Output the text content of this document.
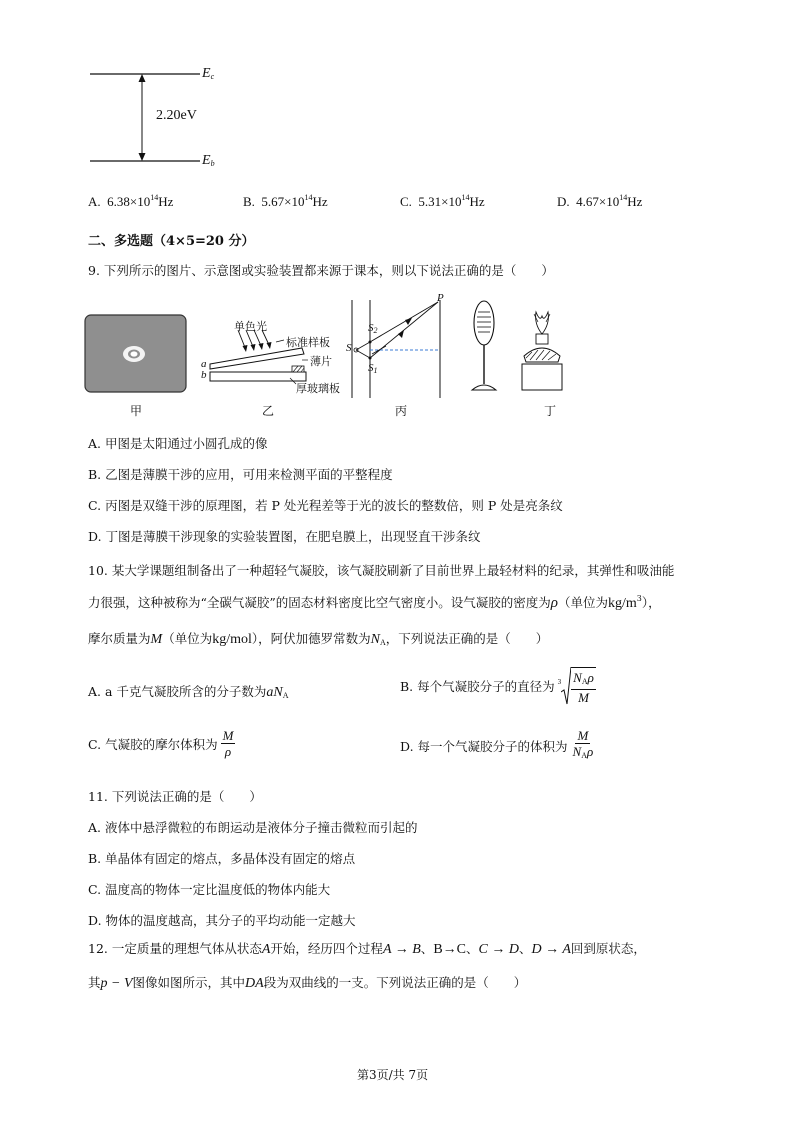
$E_c$
$E_b$
2.20eV
A. $6.38\times 10^{14}Hz$	B. $5.67\times 10^{14}Hz$	C. $5.31\times 10^{14}Hz$	D. $4.67\times 10^{14}Hz$
二、多选题（4×5=20 分）
9. 下列所示的图片、示意图或实验装置都来源于课本，则以下说法正确的是（　　）
甲
单色光
标准样板
薄片
厚玻璃板
a
b
乙
P
S
$S_2$
$S_1$
丙	丁
A. 甲图是太阳通过小圆孔成的像
B. 乙图是薄膜干涉的应用，可用来检测平面的平整程度
C. 丙图是双缝干涉的原理图，若 P 处光程差等于光的波长的整数倍，则 P 处是亮条纹
D. 丁图是薄膜干涉现象的实验装置图，在肥皂膜上，出现竖直干涉条纹
10. 某大学课题组制备出了一种超轻气凝胶，该气凝胶刷新了目前世界上最轻材料的纪录，其弹性和吸油能
力很强，这种被称为“全碳气凝胶”的固态材料密度比空气密度小。设气凝胶的密度为ρ（单位为$kg/m^3$），
摩尔质量为M（单位为kg/mol），阿伏加德罗常数为$N_A$，下列说法正确的是（　　）
A. a 千克气凝胶所含的分子数为$aN_A$
B. 每个气凝胶分子的直径为 $3 \frac{N_A\rho}{M}$
C. 气凝胶的摩尔体积为 $\frac{M}{\rho}$	D. 每一个气凝胶分子的体积为 $\frac{M}{N_A\rho}$
11. 下列说法正确的是（　　）
A. 液体中悬浮微粒的布朗运动是液体分子撞击微粒而引起的
B. 单晶体有固定的熔点，多晶体没有固定的熔点
C. 温度高的物体一定比温度低的物体内能大
D. 物体的温度越高，其分子的平均动能一定越大
12. 一定质量的理想气体从状态A开始，经历四个过程A → B、B→C、C → D、D → A回到原状态，
其p − V图像如图所示，其中DA段为双曲线的一支。下列说法正确的是（　　）
第3页/共 7页
